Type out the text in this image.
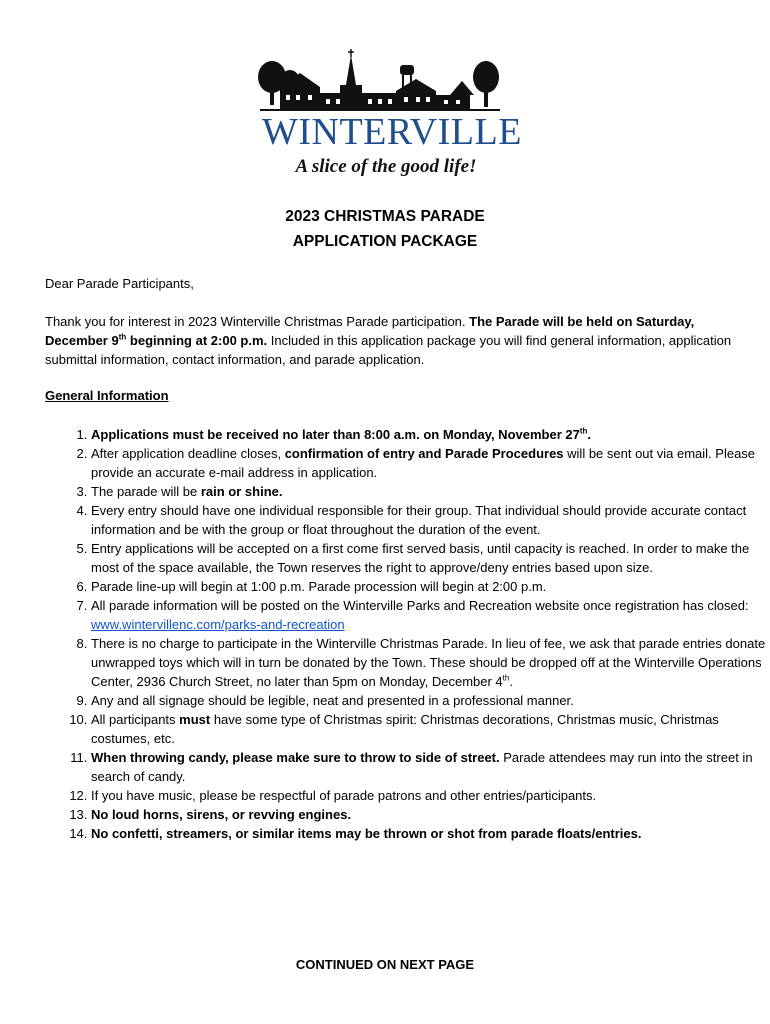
WINTERVILLE
A slice of the good life!
2023 CHRISTMAS PARADE
APPLICATION PACKAGE
Dear Parade Participants,

Thank you for interest in 2023 Winterville Christmas Parade participation. The Parade will be held on Saturday, December 9th beginning at 2:00 p.m. Included in this application package you will find general information, application submittal information, contact information, and parade application.

General Information
1. Applications must be received no later than 8:00 a.m. on Monday, November 27th.
2. After application deadline closes, confirmation of entry and Parade Procedures will be sent out via email. Please provide an accurate e-mail address in application.
3. The parade will be rain or shine.
4. Every entry should have one individual responsible for their group. That individual should provide accurate contact information and be with the group or float throughout the duration of the event.
5. Entry applications will be accepted on a first come first served basis, until capacity is reached. In order to make the most of the space available, the Town reserves the right to approve/deny entries based upon size.
6. Parade line-up will begin at 1:00 p.m. Parade procession will begin at 2:00 p.m.
7. All parade information will be posted on the Winterville Parks and Recreation website once registration has closed: www.wintervillenc.com/parks-and-recreation
8. There is no charge to participate in the Winterville Christmas Parade. In lieu of fee, we ask that parade entries donate unwrapped toys which will in turn be donated by the Town. These should be dropped off at the Winterville Operations Center, 2936 Church Street, no later than 5pm on Monday, December 4th.
9. Any and all signage should be legible, neat and presented in a professional manner.
10. All participants must have some type of Christmas spirit: Christmas decorations, Christmas music, Christmas costumes, etc.
11. When throwing candy, please make sure to throw to side of street. Parade attendees may run into the street in search of candy.
12. If you have music, please be respectful of parade patrons and other entries/participants.
13. No loud horns, sirens, or revving engines.
14. No confetti, streamers, or similar items may be thrown or shot from parade floats/entries.
CONTINUED ON NEXT PAGE
